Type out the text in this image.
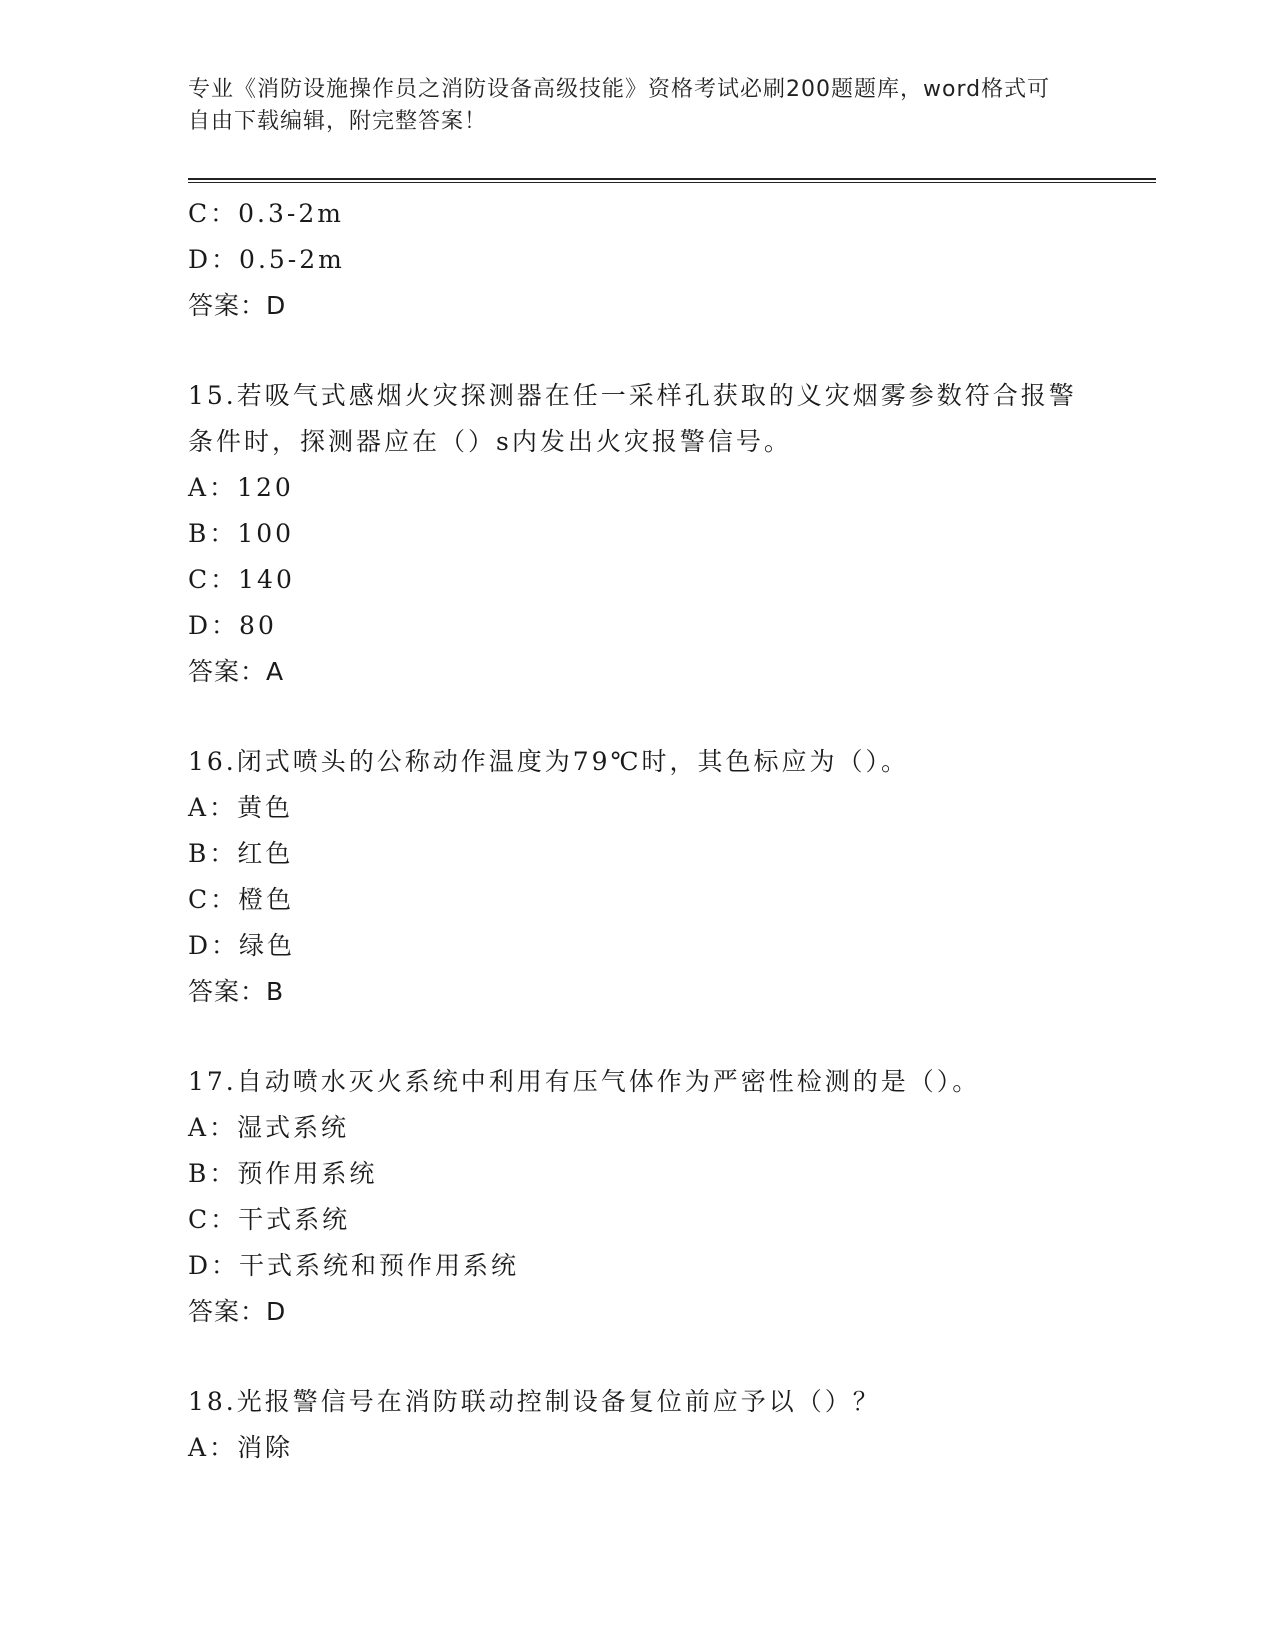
专业《消防设施操作员之消防设备高级技能》资格考试必刷200题题库，word格式可自由下载编辑，附完整答案！
C：0.3-2m
D：0.5-2m
答案：D
15.若吸气式感烟火灾探测器在任一采样孔获取的义灾烟雾参数符合报警条件时，探测器应在（）s内发出火灾报警信号。
A：120
B：100
C：140
D：80
答案：A
16.闭式喷头的公称动作温度为79℃时，其色标应为（）。
A：黄色
B：红色
C：橙色
D：绿色
答案：B
17.自动喷水灭火系统中利用有压气体作为严密性检测的是（）。
A：湿式系统
B：预作用系统
C：干式系统
D：干式系统和预作用系统
答案：D
18.光报警信号在消防联动控制设备复位前应予以（）？
A：消除
